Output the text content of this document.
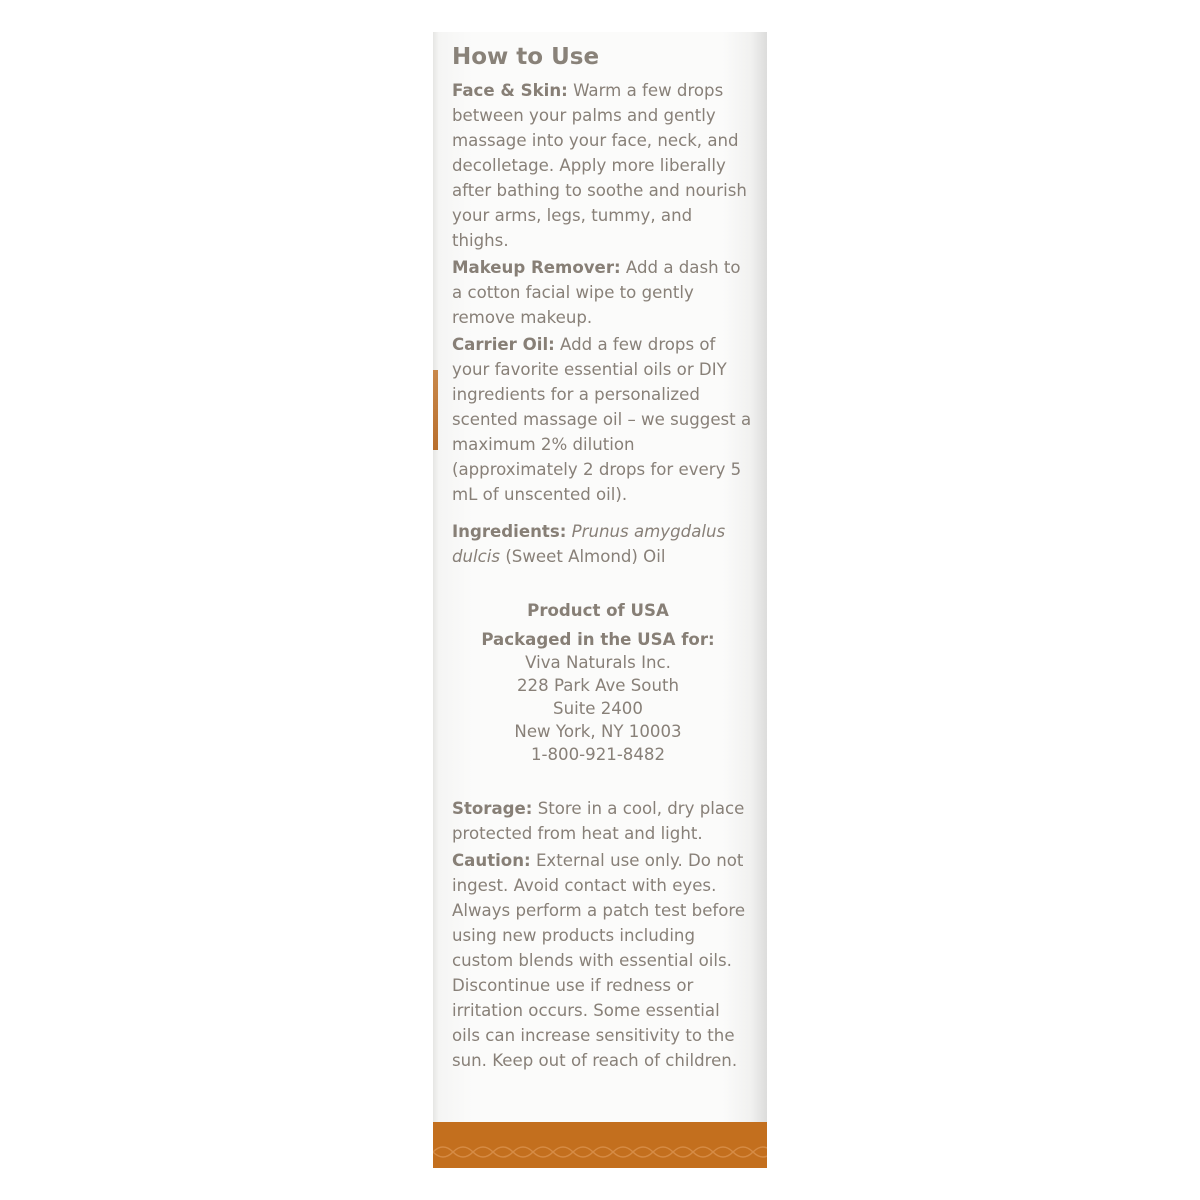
How to Use

Face & Skin: Warm a few drops between your palms and gently massage into your face, neck, and decolletage. Apply more liberally after bathing to soothe and nourish your arms, legs, tummy, and thighs.

Makeup Remover: Add a dash to a cotton facial wipe to gently remove makeup.

Carrier Oil: Add a few drops of your favorite essential oils or DIY ingredients for a personalized scented massage oil – we suggest a maximum 2% dilution (approximately 2 drops for every 5 mL of unscented oil).

Ingredients: Prunus amygdalus dulcis (Sweet Almond) Oil

Product of USA

Packaged in the USA for:

Viva Naturals Inc.

228 Park Ave South

Suite 2400

New York, NY 10003

1-800-921-8482

Storage: Store in a cool, dry place protected from heat and light.

Caution: External use only. Do not ingest. Avoid contact with eyes. Always perform a patch test before using new products including custom blends with essential oils. Discontinue use if redness or irritation occurs. Some essential oils can increase sensitivity to the sun. Keep out of reach of children.
